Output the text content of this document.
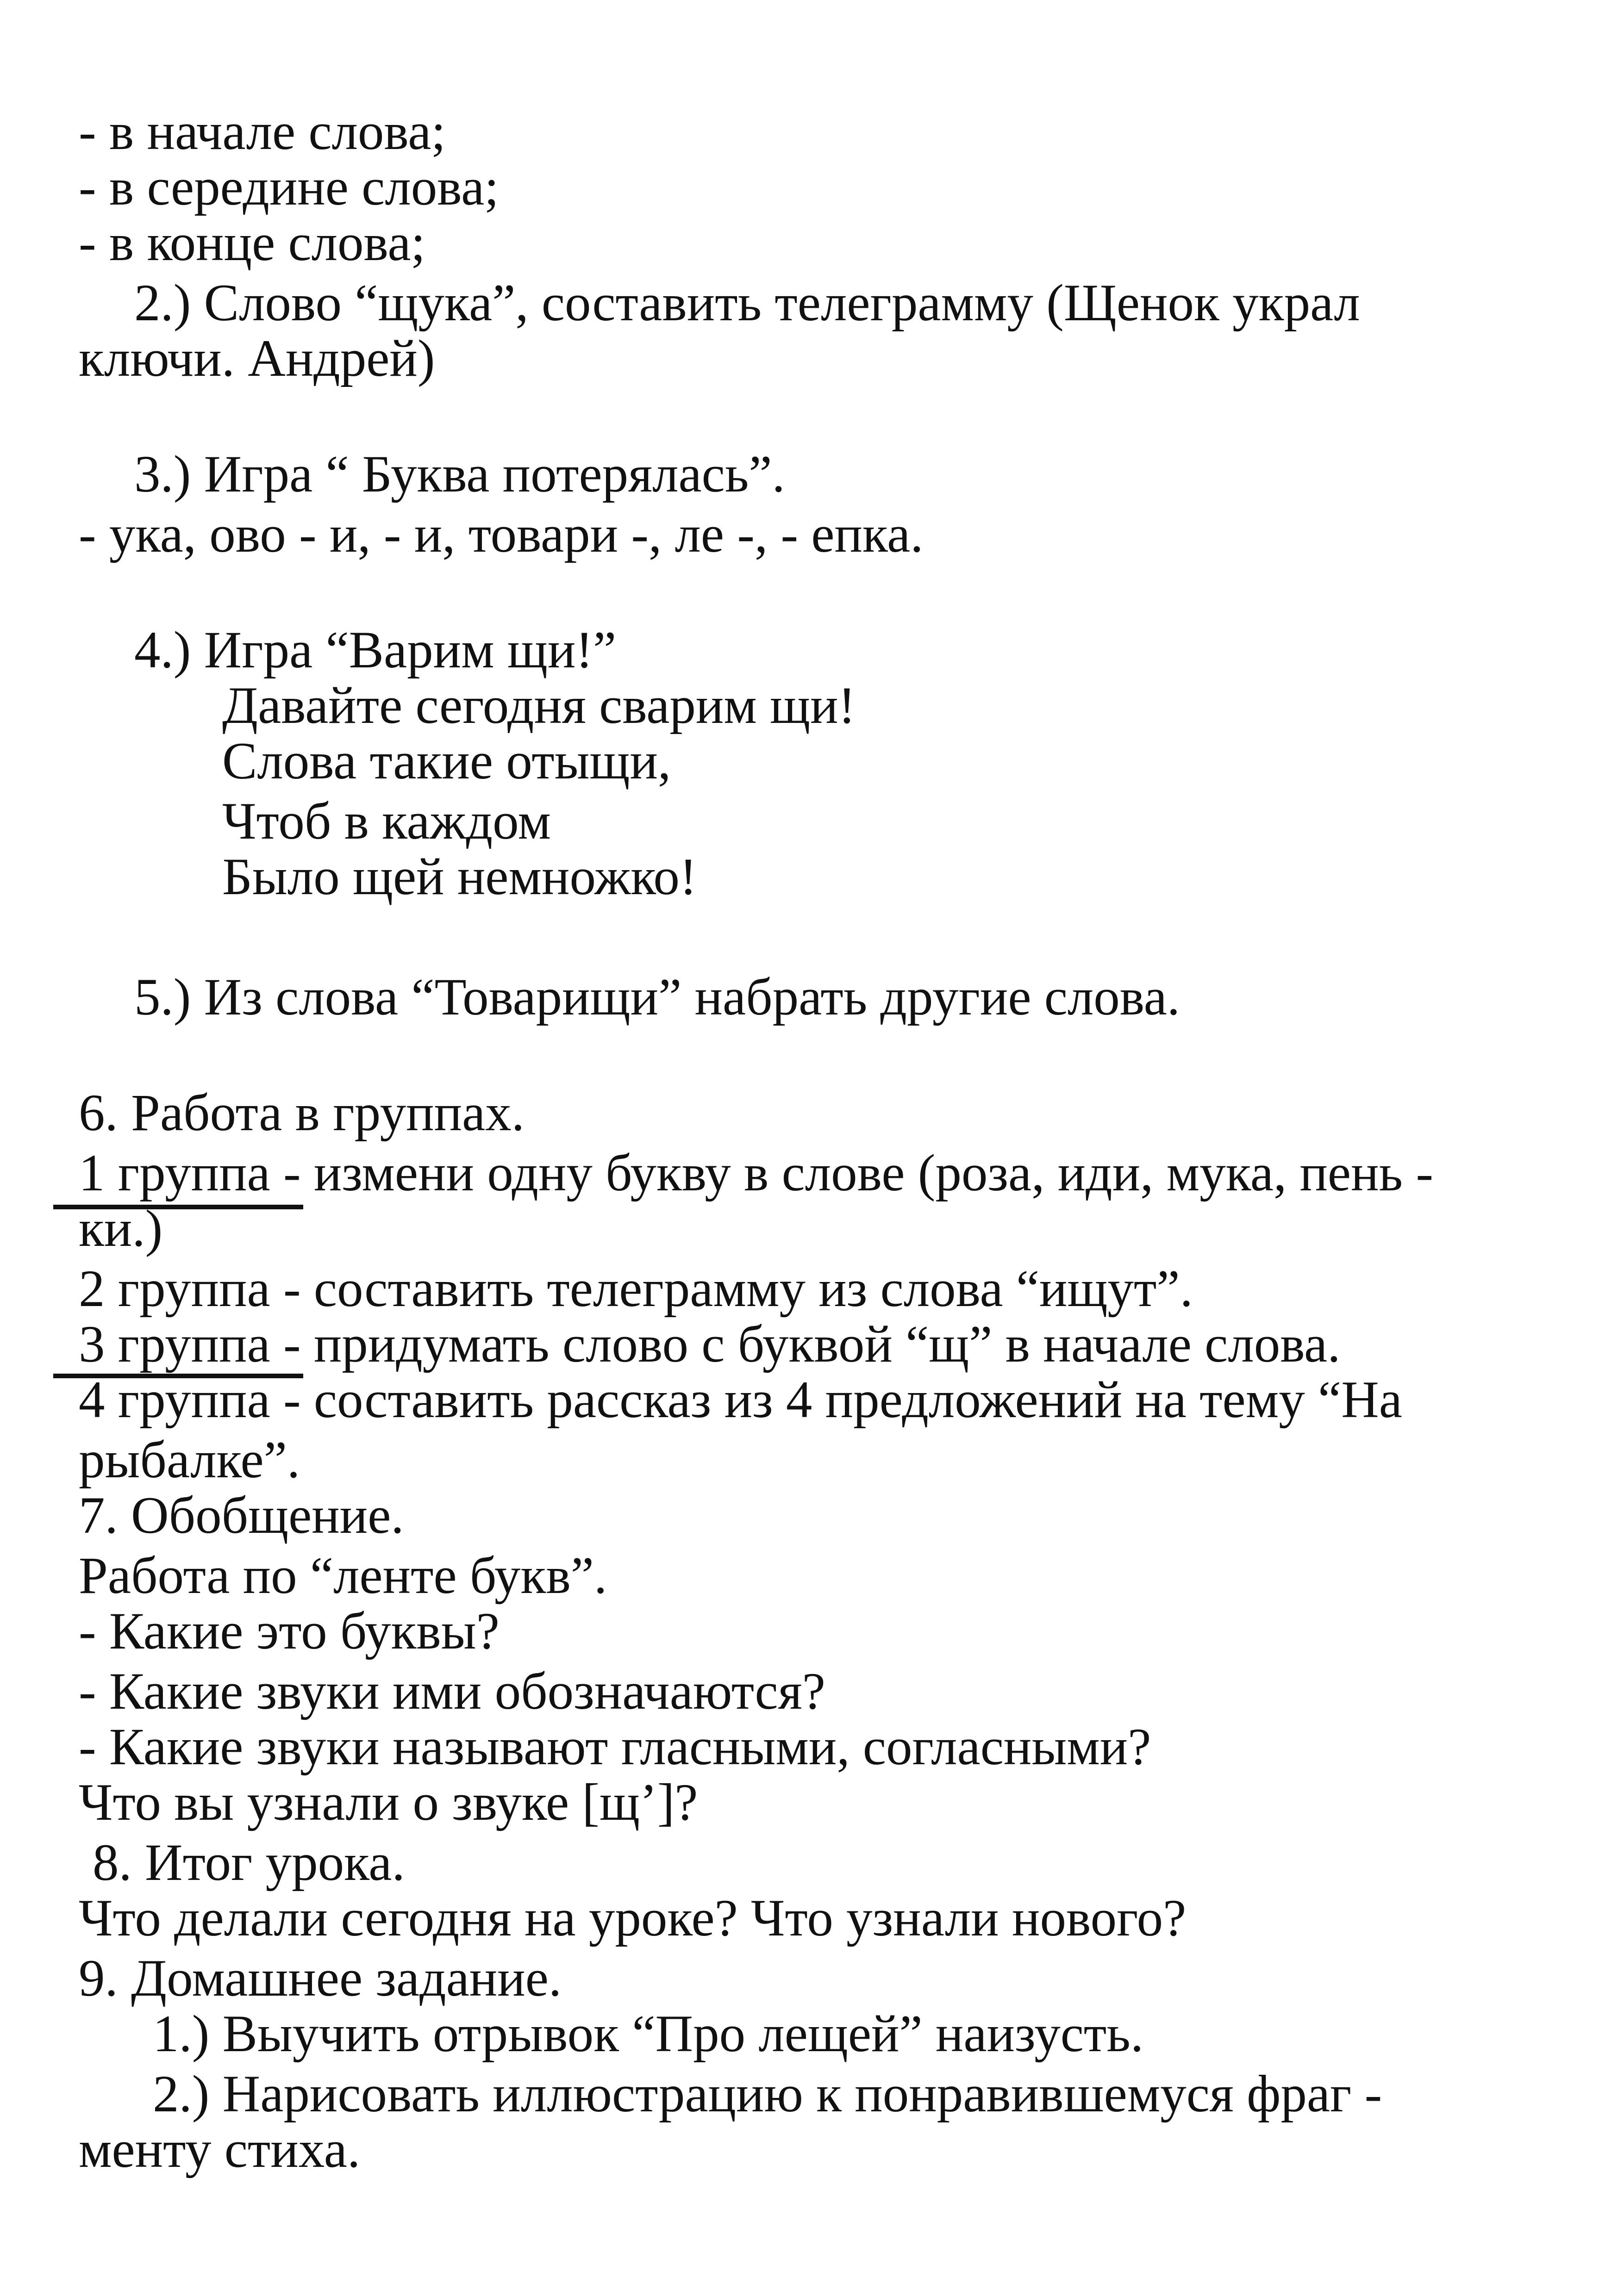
- в начале слова;
- в середине слова;
- в конце слова;
2.) Слово “щука”, составить телеграмму (Щенок украл
ключи. Андрей)
3.) Игра “ Буква потерялась”.
- ука, ово - и, - и, товари -, ле -, - епка.
4.) Игра “Варим щи!”
Давайте сегодня сварим щи!
Слова такие отыщи,
Чтоб в каждом
Было щей немножко!
5.) Из слова “Товарищи” набрать другие слова.
6. Работа в группах.
1 группа - измени одну букву в слове (роза, иди, мука, пень -
ки.)
2 группа - составить телеграмму из слова “ищут”.
3 группа - придумать слово с буквой “щ” в начале слова.
4 группа - составить рассказ из 4 предложений на тему “На
рыбалке”.
7. Обобщение.
Работа по “ленте букв”.
- Какие это буквы?
- Какие звуки ими обозначаются?
- Какие звуки называют гласными, согласными?
Что вы узнали о звуке [щ’]?
8. Итог урока.
Что делали сегодня на уроке? Что узнали нового?
9. Домашнее задание.
1.) Выучить отрывок “Про лещей” наизусть.
2.) Нарисовать иллюстрацию к понравившемуся фраг -
менту стиха.
